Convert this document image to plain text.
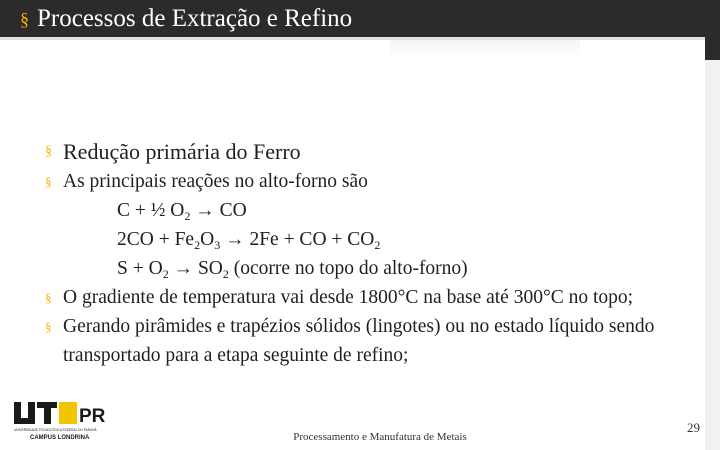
§ Processos de Extração e Refino
§ Redução primária do Ferro
§ As principais reações no alto-forno são
C + ½ $O_2$ → CO
$2CO + Fe_2O_3 \to 2Fe$ + CO + $CO_2$
$S + O_2 \to SO_2$ (ocorre no topo do alto-forno)
§ O gradiente de temperatura vai desde 1800°C na base até 300°C no topo;
§ Gerando pirâmides e trapézios sólidos (lingotes) ou no estado líquido sendo transportado para a etapa seguinte de refino;
PR
UNIVERSIDADE TECNOLÓGICA FEDERAL DO PARANÁ
CAMPUS LONDRINA	Processamento e Manufatura de Metais
29
